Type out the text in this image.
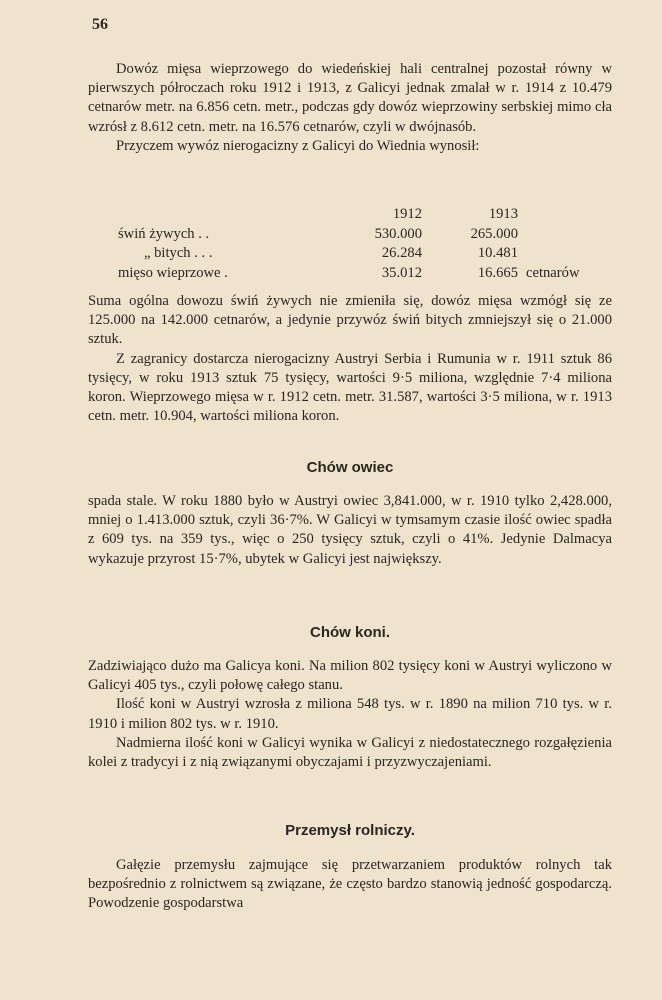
56

Dowóz mięsa wieprzowego do wiedeńskiej hali centralnej pozostał równy w pierwszych półroczach roku 1912 i 1913, z Galicyi jednak zmalał w r. 1914 z 10.479 cetnarów metr. na 6.856 cetn. metr., podczas gdy dowóz wieprzowiny serbskiej mimo cła wzrósł z 8.612 cetn. metr. na 16.576 cetnarów, czyli w dwójnasób.

Przyczem wywóz nierogacizny z Galicyi do Wiednia wynosił:

	1912	1913	
świń żywych . .	530.000	265.000	
„ bitych . . .	26.284	10.481	
mięso wieprzowe .	35.012	16.665	cetnarów

Suma ogólna dowozu świń żywych nie zmieniła się, dowóz mięsa wzmógł się ze 125.000 na 142.000 cetnarów, a jedynie przywóz świń bitych zmniejszył się o 21.000 sztuk.

Z zagranicy dostarcza nierogacizny Austryi Serbia i Rumunia w r. 1911 sztuk 86 tysięcy, w roku 1913 sztuk 75 tysięcy, wartości 9·5 miliona, względnie 7·4 miliona koron. Wieprzowego mięsa w r. 1912 cetn. metr. 31.587, wartości 3·5 miliona, w r. 1913 cetn. metr. 10.904, wartości miliona koron.

Chów owiec

spada stale. W roku 1880 było w Austryi owiec 3,841.000, w r. 1910 tylko 2,428.000, mniej o 1.413.000 sztuk, czyli 36·7%. W Galicyi w tymsamym czasie ilość owiec spadła z 609 tys. na 359 tys., więc o 250 tysięcy sztuk, czyli o 41%. Jedynie Dalmacya wykazuje przyrost 15·7%, ubytek w Galicyi jest największy.

Chów koni.

Zadziwiająco dużo ma Galicya koni. Na milion 802 tysięcy koni w Austryi wyliczono w Galicyi 405 tys., czyli połowę całego stanu.

Ilość koni w Austryi wzrosła z miliona 548 tys. w r. 1890 na milion 710 tys. w r. 1910 i milion 802 tys. w r. 1910.

Nadmierna ilość koni w Galicyi wynika w Galicyi z niedostatecznego rozgałęzienia kolei z tradycyi i z nią związanymi obyczajami i przyzwyczajeniami.

Przemysł rolniczy.

Gałęzie przemysłu zajmujące się przetwarzaniem produktów rolnych tak bezpośrednio z rolnictwem są związane, że często bardzo stanowią jedność gospodarczą. Powodzenie gospodarstwa
